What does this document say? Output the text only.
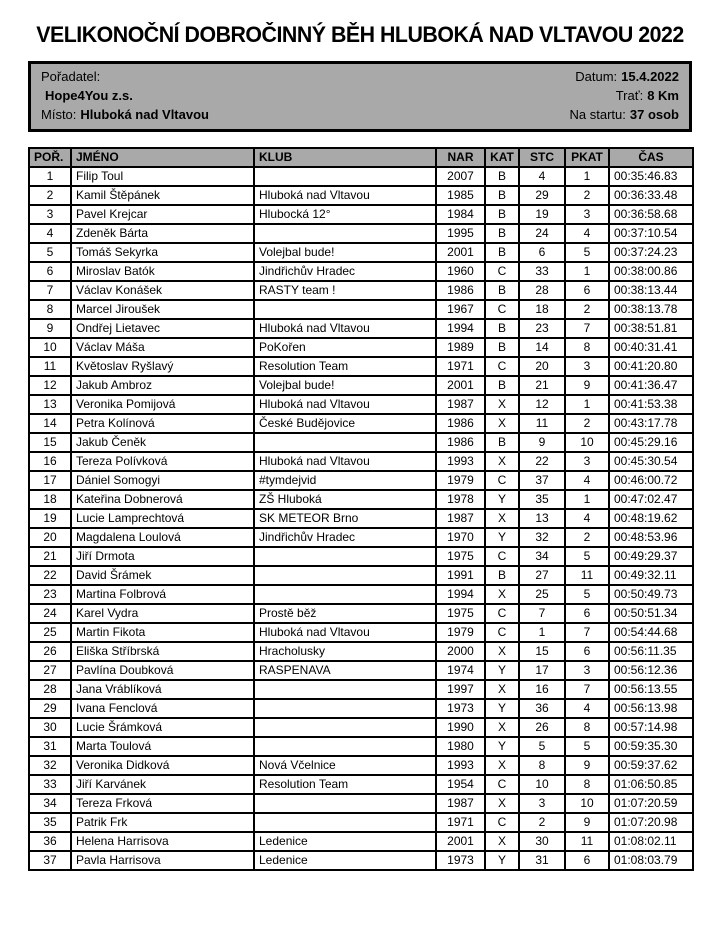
VELIKONOČNÍ DOBROČINNÝ BĚH HLUBOKÁ NAD VLTAVOU 2022
Pořadatel:	Datum: 15.4.2022
Hope4You z.s.	Trať: 8 Km
Místo: Hluboká nad Vltavou	Na startu: 37 osob
POŘ.	JMÉNO	KLUB	NAR	KAT	STC	PKAT	ČAS
1	Filip Toul		2007	B	4	1	00:35:46.83
2	Kamil Štěpánek	Hluboká nad Vltavou	1985	B	29	2	00:36:33.48
3	Pavel Krejcar	Hlubocká 12°	1984	B	19	3	00:36:58.68
4	Zdeněk Bárta		1995	B	24	4	00:37:10.54
5	Tomáš Sekyrka	Volejbal bude!	2001	B	6	5	00:37:24.23
6	Miroslav Batók	Jindřichův Hradec	1960	C	33	1	00:38:00.86
7	Václav Konášek	RASTY team !	1986	B	28	6	00:38:13.44
8	Marcel Jiroušek		1967	C	18	2	00:38:13.78
9	Ondřej Lietavec	Hluboká nad Vltavou	1994	B	23	7	00:38:51.81
10	Václav Máša	PoKořen	1989	B	14	8	00:40:31.41
11	Květoslav Ryšlavý	Resolution Team	1971	C	20	3	00:41:20.80
12	Jakub Ambroz	Volejbal bude!	2001	B	21	9	00:41:36.47
13	Veronika Pomijová	Hluboká nad Vltavou	1987	X	12	1	00:41:53.38
14	Petra Kolínová	České Budějovice	1986	X	11	2	00:43:17.78
15	Jakub Čeněk		1986	B	9	10	00:45:29.16
16	Tereza Polívková	Hluboká nad Vltavou	1993	X	22	3	00:45:30.54
17	Dániel Somogyi	#tymdejvid	1979	C	37	4	00:46:00.72
18	Kateřina Dobnerová	ZŠ Hluboká	1978	Y	35	1	00:47:02.47
19	Lucie Lamprechtová	SK METEOR Brno	1987	X	13	4	00:48:19.62
20	Magdalena Loulová	Jindřichův Hradec	1970	Y	32	2	00:48:53.96
21	Jiří Drmota		1975	C	34	5	00:49:29.37
22	David Šrámek		1991	B	27	11	00:49:32.11
23	Martina Folbrová		1994	X	25	5	00:50:49.73
24	Karel Vydra	Prostě běž	1975	C	7	6	00:50:51.34
25	Martin Fikota	Hluboká nad Vltavou	1979	C	1	7	00:54:44.68
26	Eliška Stříbrská	Hracholusky	2000	X	15	6	00:56:11.35
27	Pavlína Doubková	RASPENAVA	1974	Y	17	3	00:56:12.36
28	Jana Vráblíková		1997	X	16	7	00:56:13.55
29	Ivana Fenclová		1973	Y	36	4	00:56:13.98
30	Lucie Šrámková		1990	X	26	8	00:57:14.98
31	Marta Toulová		1980	Y	5	5	00:59:35.30
32	Veronika Didková	Nová Včelnice	1993	X	8	9	00:59:37.62
33	Jiří Karvánek	Resolution Team	1954	C	10	8	01:06:50.85
34	Tereza Frková		1987	X	3	10	01:07:20.59
35	Patrik Frk		1971	C	2	9	01:07:20.98
36	Helena Harrisova	Ledenice	2001	X	30	11	01:08:02.11
37	Pavla Harrisova	Ledenice	1973	Y	31	6	01:08:03.79
